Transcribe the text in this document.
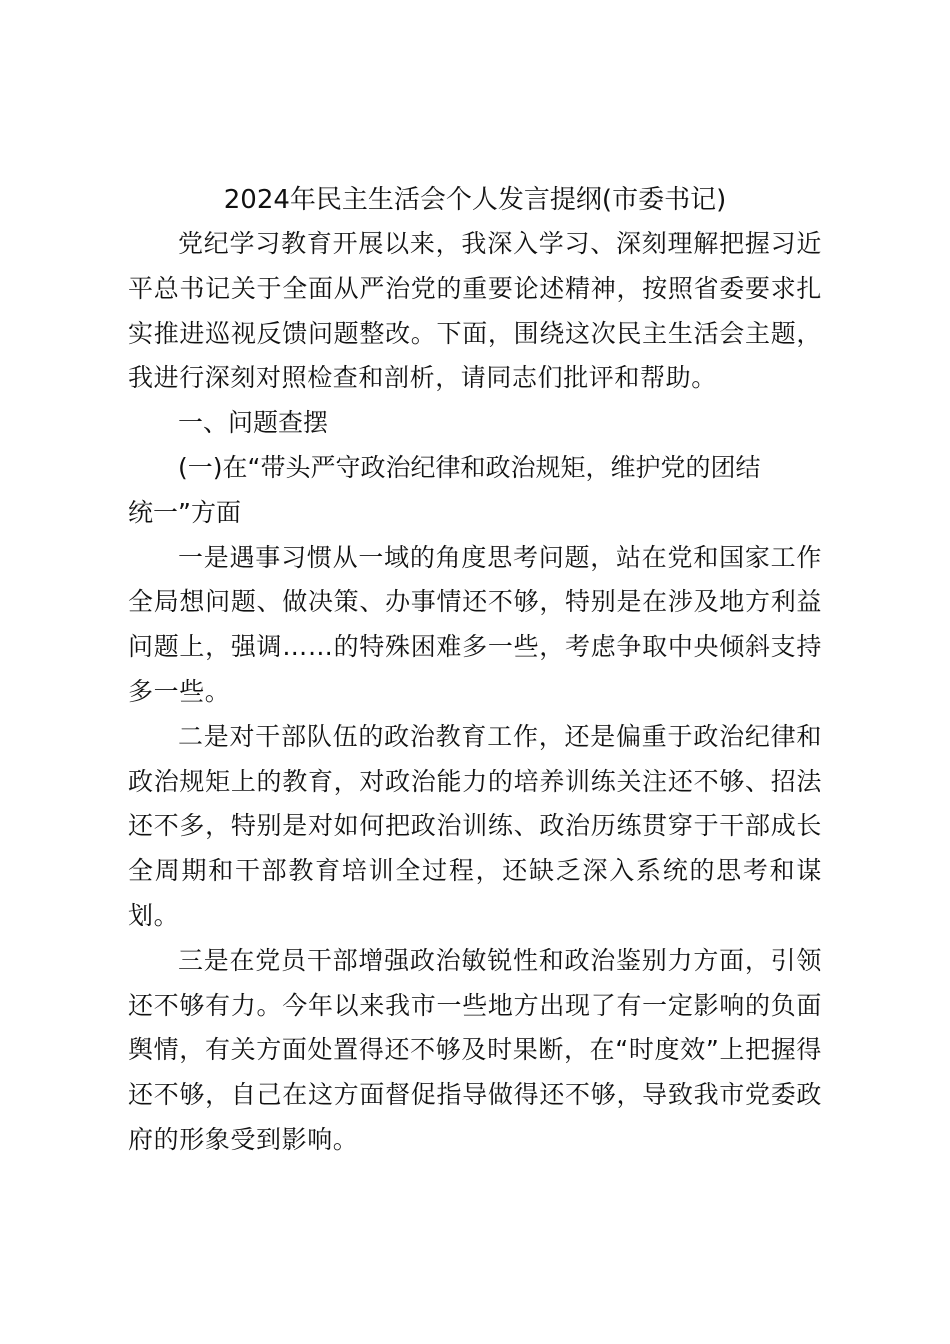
2024年民主生活会个人发言提纲(市委书记)

党纪学习教育开展以来，我深入学习、深刻理解把握习近平总书记关于全面从严治党的重要论述精神，按照省委要求扎实推进巡视反馈问题整改。下面，围绕这次民主生活会主题，我进行深刻对照检查和剖析，请同志们批评和帮助。

一、问题查摆

(一)在“带头严守政治纪律和政治规矩，维护党的团结统一”方面

一是遇事习惯从一域的角度思考问题，站在党和国家工作全局想问题、做决策、办事情还不够，特别是在涉及地方利益问题上，强调……的特殊困难多一些，考虑争取中央倾斜支持多一些。

二是对干部队伍的政治教育工作，还是偏重于政治纪律和政治规矩上的教育，对政治能力的培养训练关注还不够、招法还不多，特别是对如何把政治训练、政治历练贯穿于干部成长全周期和干部教育培训全过程，还缺乏深入系统的思考和谋划。

三是在党员干部增强政治敏锐性和政治鉴别力方面，引领还不够有力。今年以来我市一些地方出现了有一定影响的负面舆情，有关方面处置得还不够及时果断，在“时度效”上把握得还不够，自己在这方面督促指导做得还不够，导致我市党委政府的形象受到影响。
